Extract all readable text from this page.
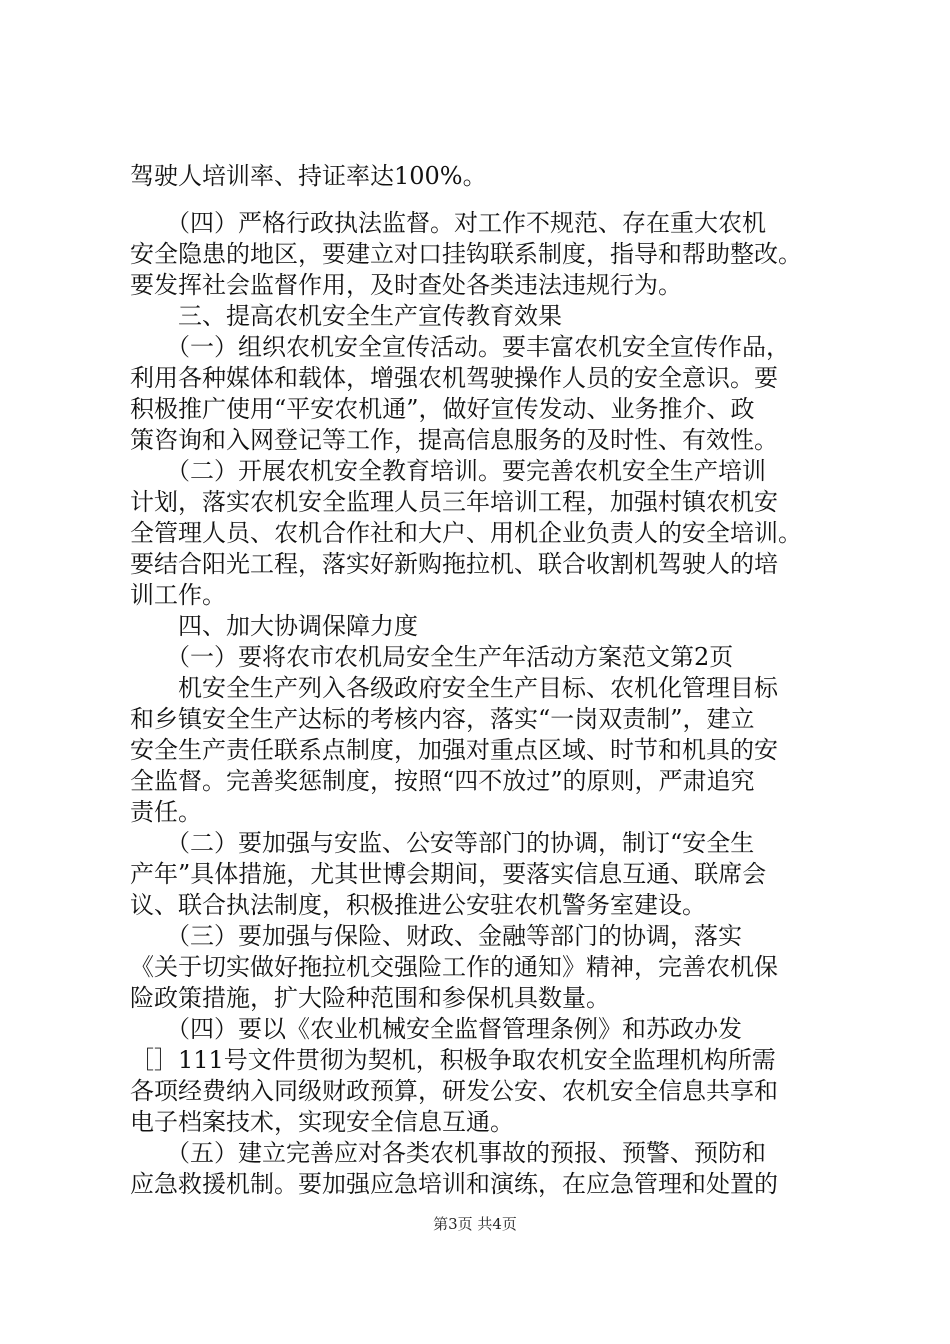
驾驶人培训率、持证率达100%。
　　（四）严格行政执法监督。对工作不规范、存在重大农机
安全隐患的地区，要建立对口挂钩联系制度，指导和帮助整改。
要发挥社会监督作用，及时查处各类违法违规行为。
　　三、提高农机安全生产宣传教育效果
　　（一）组织农机安全宣传活动。要丰富农机安全宣传作品，
利用各种媒体和载体，增强农机驾驶操作人员的安全意识。要
积极推广使用“平安农机通”，做好宣传发动、业务推介、政
策咨询和入网登记等工作，提高信息服务的及时性、有效性。
　　（二）开展农机安全教育培训。要完善农机安全生产培训
计划，落实农机安全监理人员三年培训工程，加强村镇农机安
全管理人员、农机合作社和大户、用机企业负责人的安全培训。
要结合阳光工程，落实好新购拖拉机、联合收割机驾驶人的培
训工作。
　　四、加大协调保障力度
　　（一）要将农市农机局安全生产年活动方案范文第2页
　　机安全生产列入各级政府安全生产目标、农机化管理目标
和乡镇安全生产达标的考核内容，落实“一岗双责制”，建立
安全生产责任联系点制度，加强对重点区域、时节和机具的安
全监督。完善奖惩制度，按照“四不放过”的原则，严肃追究
责任。
　　（二）要加强与安监、公安等部门的协调，制订“安全生
产年”具体措施，尤其世博会期间，要落实信息互通、联席会
议、联合执法制度，积极推进公安驻农机警务室建设。
　　（三）要加强与保险、财政、金融等部门的协调，落实
《关于切实做好拖拉机交强险工作的通知》精神，完善农机保
险政策措施，扩大险种范围和参保机具数量。
　　（四）要以《农业机械安全监督管理条例》和苏政办发
［］111号文件贯彻为契机，积极争取农机安全监理机构所需
各项经费纳入同级财政预算，研发公安、农机安全信息共享和
电子档案技术，实现安全信息互通。
　　（五）建立完善应对各类农机事故的预报、预警、预防和
应急救援机制。要加强应急培训和演练，在应急管理和处置的
第3页 共4页
